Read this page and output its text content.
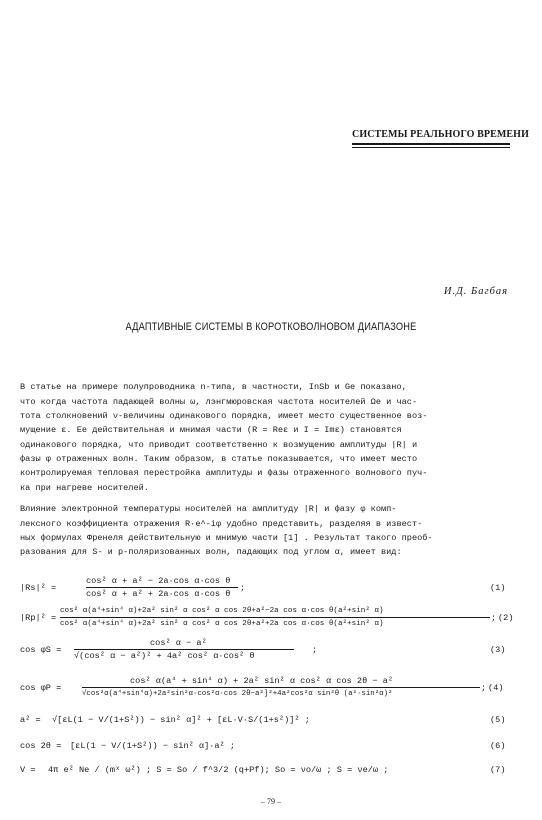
СИСТЕМЫ РЕАЛЬНОГО ВРЕМЕНИ
И.Д. Багбая
АДАПТИВНЫЕ СИСТЕМЫ В КОРОТКОВОЛНОВОМ ДИАПАЗОНЕ
В статье на примере полупроводника n-типа, в частности, InSb и Ge показано,
что когда частота падающей волны ω, лэнгмюровская частота носителей Ωe и час-
тота столкновений ν-величины одинакового порядка, имеет место существенное воз-
мущение ε. Ее действительная и мнимая части (R = Reε и I = Imε) становятся
одинакового порядка, что приводит соответственно к возмущению амплитуды |R| и
фазы φ отраженных волн. Таким образом, в статье показывается, что имеет место
контролируемая тепловая перестройка амплитуды и фазы отраженного волнового пуч-
ка при нагреве носителей.
Влияние электронной температуры носителей на амплитуду |R| и фазу φ комп-
лексного коэффициента отражения R·e^-iφ удобно представить, разделяя в извест-
ных формулах Френеля действительную и мнимую части [1] . Результат такого преоб-
разования для S- и p-поляризованных волн, падающих под углом α, имеет вид:
|Rs|² =
cos² α + a² − 2a·cos α·cos θ
cos² α + a² + 2a·cos α·cos θ
;	(1)
|Rp|² =
cos² α(a⁴+sin⁴ α)+2a² sin² α cos² α cos 2θ+a²−2a cos α·cos θ(a²+sin² α)
cos² α(a⁴+sin⁴ α)+2a² sin² α cos² α cos 2θ+a²+2a cos α·cos θ(a²+sin² α)
; (2)
cos φS =
cos² α − a²
√(cos² α − a²)² + 4a² cos² α·cos² θ
;	(3)
cos φP =
cos² α(a⁴ + sin⁴ α) + 2a² sin² α cos² α cos 2θ − a²
√cos²α(a⁴+sin⁴α)+2a²sin²α·cos²α·cos 2θ−a²]²+4a²cos²α sin²θ (a²·sin²α)²
; (4)
a² = √[εL(1 − V/(1+S²)) − sin² α]² + [εL·V·S/(1+s²)]² ;	(5)
cos 2θ = [εL(1 − V/(1+S²)) − sin² α]·a² ;	(6)
V = 4π e² Ne / (mˣ ω²) ; S = So / f^3/2 (q+Pf); So = νo/ω ; S = νe/ω ;	(7)
– 79 –
